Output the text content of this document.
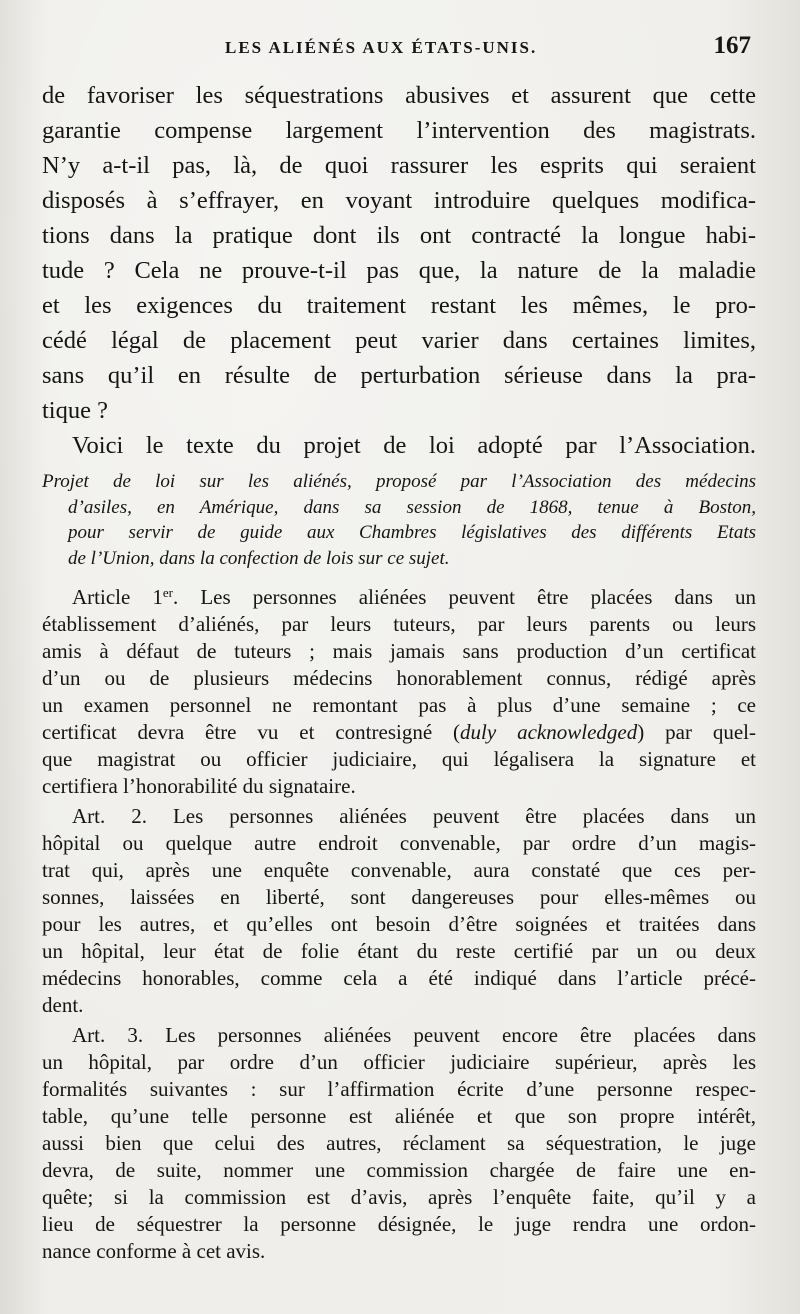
LES ALIÉNÉS AUX ÉTATS-UNIS.	167
de favoriser les séquestrations abusives et assurent que cette
garantie compense largement l’intervention des magistrats.
N’y a-t-il pas, là, de quoi rassurer les esprits qui seraient
disposés à s’effrayer, en voyant introduire quelques modifica-
tions dans la pratique dont ils ont contracté la longue habi-
tude ? Cela ne prouve-t-il pas que, la nature de la maladie
et les exigences du traitement restant les mêmes, le pro-
cédé légal de placement peut varier dans certaines limites,
sans qu’il en résulte de perturbation sérieuse dans la pra-
tique ?
Voici le texte du projet de loi adopté par l’Association.
Projet de loi sur les aliénés, proposé par l’Association des médecins
d’asiles, en Amérique, dans sa session de 1868, tenue à Boston,
pour servir de guide aux Chambres législatives des différents Etats
de l’Union, dans la confection de lois sur ce sujet.
Article 1er. Les personnes aliénées peuvent être placées dans un
établissement d’aliénés, par leurs tuteurs, par leurs parents ou leurs
amis à défaut de tuteurs ; mais jamais sans production d’un certificat
d’un ou de plusieurs médecins honorablement connus, rédigé après
un examen personnel ne remontant pas à plus d’une semaine ; ce
certificat devra être vu et contresigné (duly acknowledged) par quel-
que magistrat ou officier judiciaire, qui légalisera la signature et
certifiera l’honorabilité du signataire.
Art. 2. Les personnes aliénées peuvent être placées dans un
hôpital ou quelque autre endroit convenable, par ordre d’un magis-
trat qui, après une enquête convenable, aura constaté que ces per-
sonnes, laissées en liberté, sont dangereuses pour elles-mêmes ou
pour les autres, et qu’elles ont besoin d’être soignées et traitées dans
un hôpital, leur état de folie étant du reste certifié par un ou deux
médecins honorables, comme cela a été indiqué dans l’article précé-
dent.
Art. 3. Les personnes aliénées peuvent encore être placées dans
un hôpital, par ordre d’un officier judiciaire supérieur, après les
formalités suivantes : sur l’affirmation écrite d’une personne respec-
table, qu’une telle personne est aliénée et que son propre intérêt,
aussi bien que celui des autres, réclament sa séquestration, le juge
devra, de suite, nommer une commission chargée de faire une en-
quête; si la commission est d’avis, après l’enquête faite, qu’il y a
lieu de séquestrer la personne désignée, le juge rendra une ordon-
nance conforme à cet avis.
